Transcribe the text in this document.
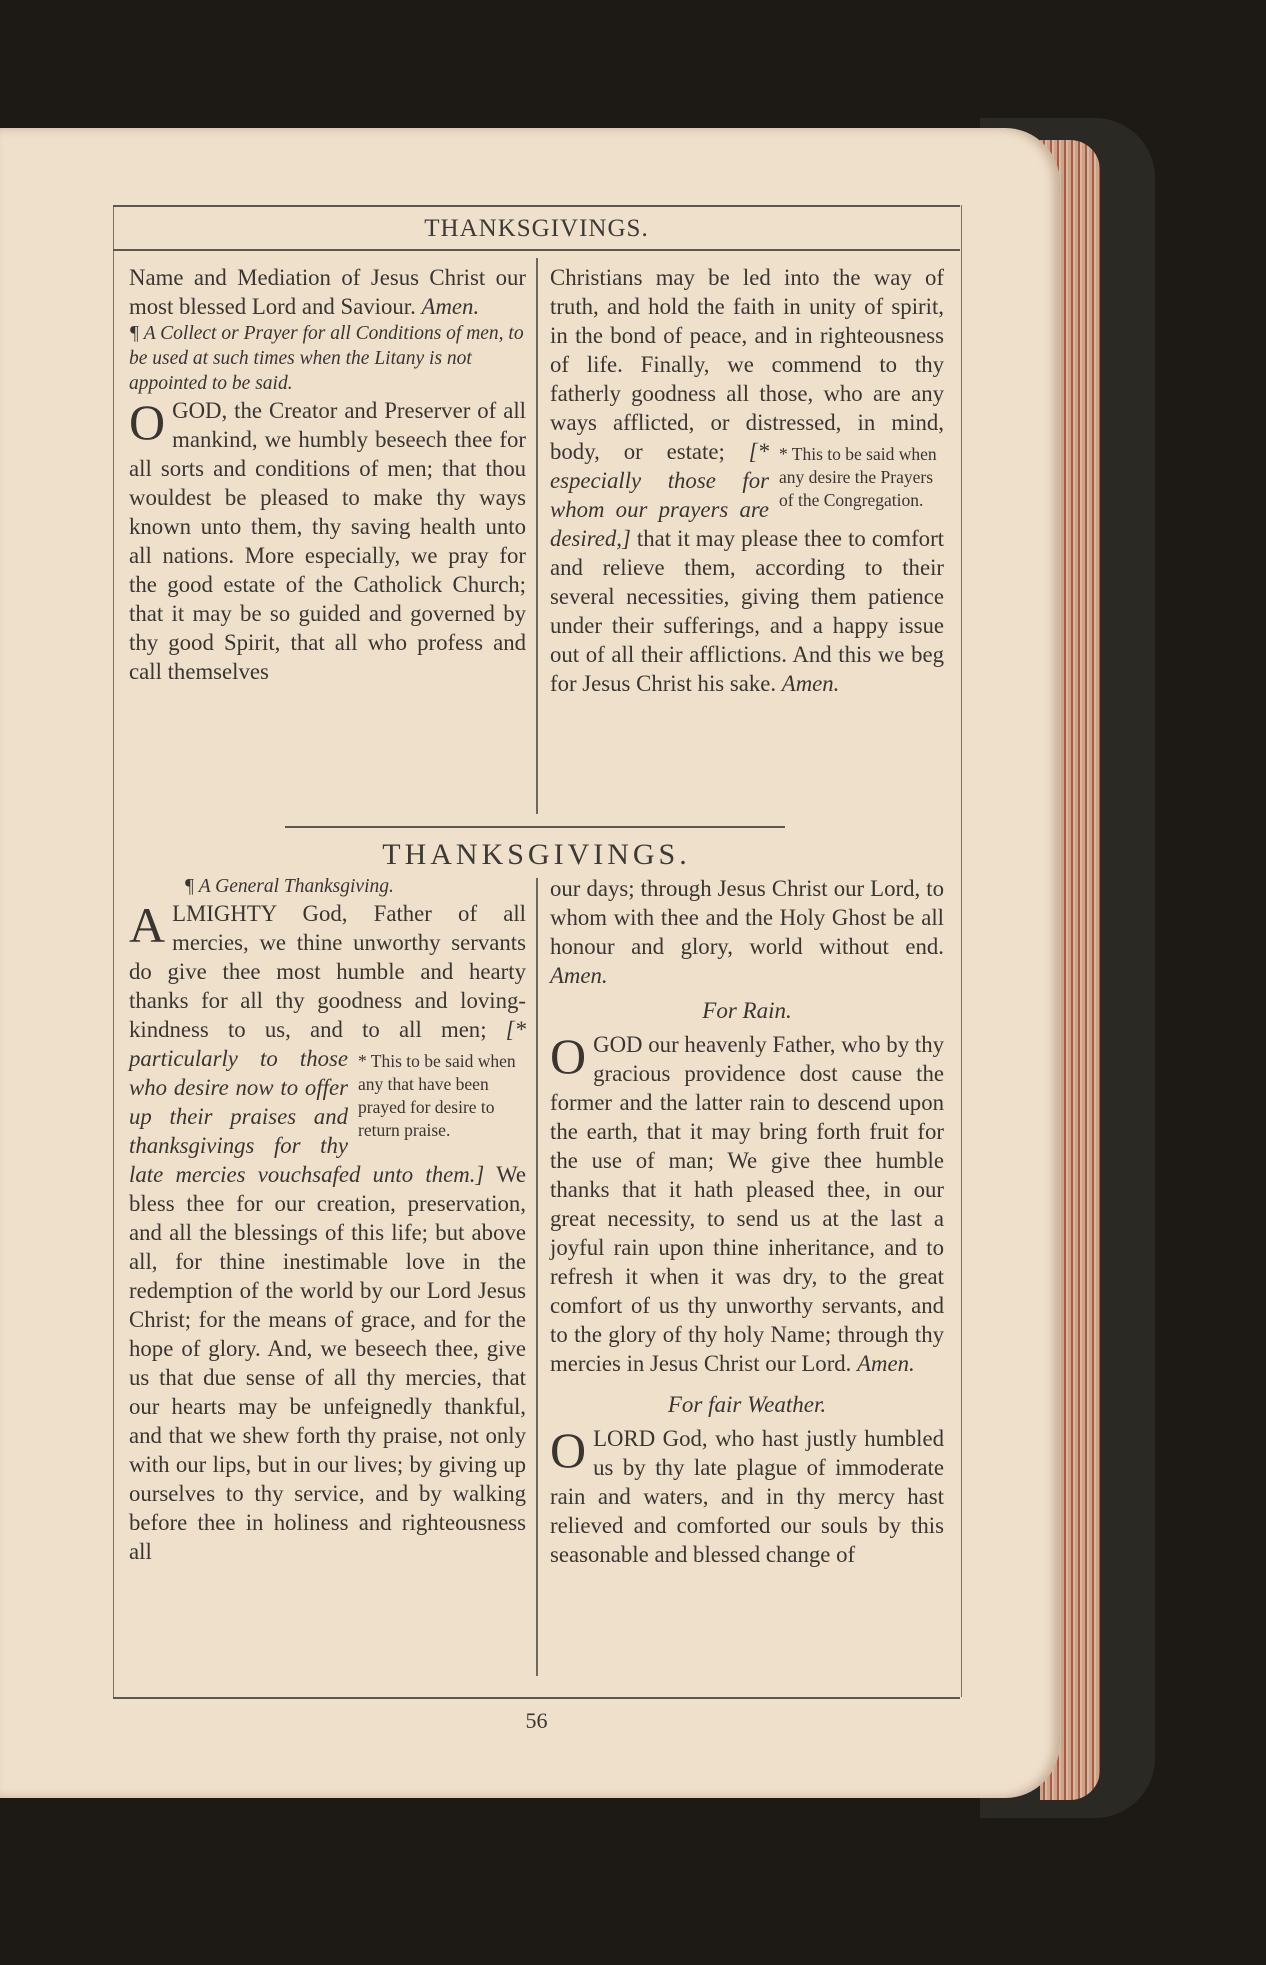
THANKSGIVINGS.

Name and Mediation of Jesus Christ our most blessed Lord and Saviour. Amen.

¶ A Collect or Prayer for all Conditions of men, to be used at such times when the Litany is not appointed to be said.

OGOD, the Creator and Preserver of all mankind, we humbly beseech thee for all sorts and conditions of men; that thou wouldest be pleased to make thy ways known unto them, thy saving health unto all nations. More especially, we pray for the good estate of the Catholick Church; that it may be so guided and governed by thy good Spirit, that all who profess and call themselves

Christians may be led into the way of truth, and hold the faith in unity of spirit, in the bond of peace, and in righteousness of life. Finally, we commend to thy fatherly goodness all those, who are any ways afflicted, or distressed, in mind, body, or estate;	* This to be said when any desire the Prayers of the Congregation.
[* especially those for whom our prayers are desired,] that it may please thee to comfort and relieve them, according to their several necessities, giving them patience under their sufferings, and a happy issue out of all their afflictions. And this we beg for Jesus Christ his sake. Amen.

THANKSGIVINGS.

¶ A General Thanksgiving.

ALMIGHTY God, Father of all mercies, we thine unworthy servants do give thee most humble and hearty thanks for all thy goodness and loving-kindness to us, and to all men;
* This to be said when any that have been prayed for desire to return praise.
[* particularly to those who desire now to offer up their praises and thanksgivings for thy late mercies vouchsafed unto them.] We bless thee for our creation, preservation, and all the blessings of this life; but above all, for thine inestimable love in the redemption of the world by our Lord Jesus Christ; for the means of grace, and for the hope of glory. And, we beseech thee, give us that due sense of all thy mercies, that our hearts may be unfeignedly thankful, and that we shew forth thy praise, not only with our lips, but in our lives; by giving up ourselves to thy service, and by walking before thee in holiness and righteousness all

our days; through Jesus Christ our Lord, to whom with thee and the Holy Ghost be all honour and glory, world without end. Amen.

For Rain.

OGOD our heavenly Father, who by thy gracious providence dost cause the former and the latter rain to descend upon the earth, that it may bring forth fruit for the use of man; We give thee humble thanks that it hath pleased thee, in our great necessity, to send us at the last a joyful rain upon thine inheritance, and to refresh it when it was dry, to the great comfort of us thy unworthy servants, and to the glory of thy holy Name; through thy mercies in Jesus Christ our Lord. Amen.

For fair Weather.

OLORD God, who hast justly humbled us by thy late plague of immoderate rain and waters, and in thy mercy hast relieved and comforted our souls by this seasonable and blessed change of

56
